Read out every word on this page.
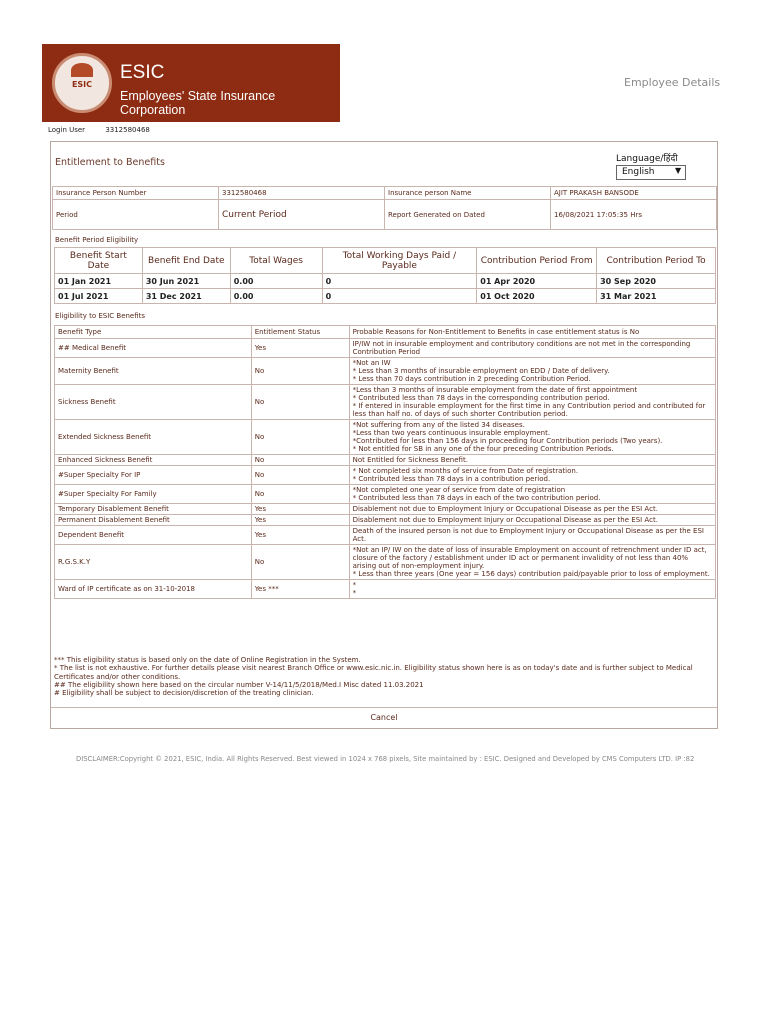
ESIC
ESIC
Employees' State Insurance Corporation
Employee Details
Login User	3312580468
Entitlement to Benefits	Language/हिंदी
English	▼
Insurance Person Number	3312580468	Insurance person Name	AJIT PRAKASH BANSODE
Period	Current Period	Report Generated on Dated	16/08/2021 17:05:35 Hrs
Benefit Period Eligibility
Benefit Start Date	Benefit End Date	Total Wages	Total Working Days Paid / Payable	Contribution Period From	Contribution Period To
01 Jan 2021	30 Jun 2021	0.00	0	01 Apr 2020	30 Sep 2020
01 Jul 2021	31 Dec 2021	0.00	0	01 Oct 2020	31 Mar 2021
Eligibility to ESIC Benefits
Benefit Type	Entitlement Status	Probable Reasons for Non-Entitlement to Benefits in case entitlement status is No
## Medical Benefit	Yes	IP/IW not in insurable employment and contributory conditions are not met in the corresponding Contribution Period
Maternity Benefit	No	*Not an IW
* Less than 3 months of insurable employment on EDD / Date of delivery.
* Less than 70 days contribution in 2 preceding Contribution Period.
Sickness Benefit	No	*Less than 3 months of insurable employment from the date of first appointment
* Contributed less than 78 days in the corresponding contribution period.
* If entered in insurable employment for the first time in any Contribution period and contributed for less than half no. of days of such shorter Contribution period.
Extended Sickness Benefit	No	*Not suffering from any of the listed 34 diseases.
*Less than two years continuous insurable employment.
*Contributed for less than 156 days in proceeding four Contribution periods (Two years).
* Not entitled for SB in any one of the four preceding Contribution Periods.
Enhanced Sickness Benefit	No	Not Entitled for Sickness Benefit.
#Super Specialty For IP	No	* Not completed six months of service from Date of registration.
* Contributed less than 78 days in a contribution period.
#Super Specialty For Family	No	*Not completed one year of service from date of registration
* Contributed less than 78 days in each of the two contribution period.
Temporary Disablement Benefit	Yes	Disablement not due to Employment Injury or Occupational Disease as per the ESI Act.
Permanent Disablement Benefit	Yes	Disablement not due to Employment Injury or Occupational Disease as per the ESI Act.
Dependent Benefit	Yes	Death of the insured person is not due to Employment Injury or Occupational Disease as per the ESI Act.
R.G.S.K.Y	No	*Not an IP/ IW on the date of loss of insurable Employment on account of retrenchment under ID act, closure of the factory / establishment under ID act or permanent invalidity of not less than 40% arising out of non-employment injury.
* Less than three years (One year = 156 days) contribution paid/payable prior to loss of employment.
Ward of IP certificate as on 31-10-2018	Yes ***	*
*
*** This eligibility status is based only on the date of Online Registration in the System.
* The list is not exhaustive. For further details please visit nearest Branch Office or www.esic.nic.in. Eligibility status shown here is as on today's date and is further subject to Medical Certificates and/or other conditions.
## The eligibility shown here based on the circular number V-14/11/5/2018/Med.I Misc dated 11.03.2021
# Eligibility shall be subject to decision/discretion of the treating clinician.
Cancel
DISCLAIMER:Copyright © 2021, ESIC, India. All Rights Reserved. Best viewed in 1024 x 768 pixels, Site maintained by : ESIC. Designed and Developed by CMS Computers LTD. IP :82
